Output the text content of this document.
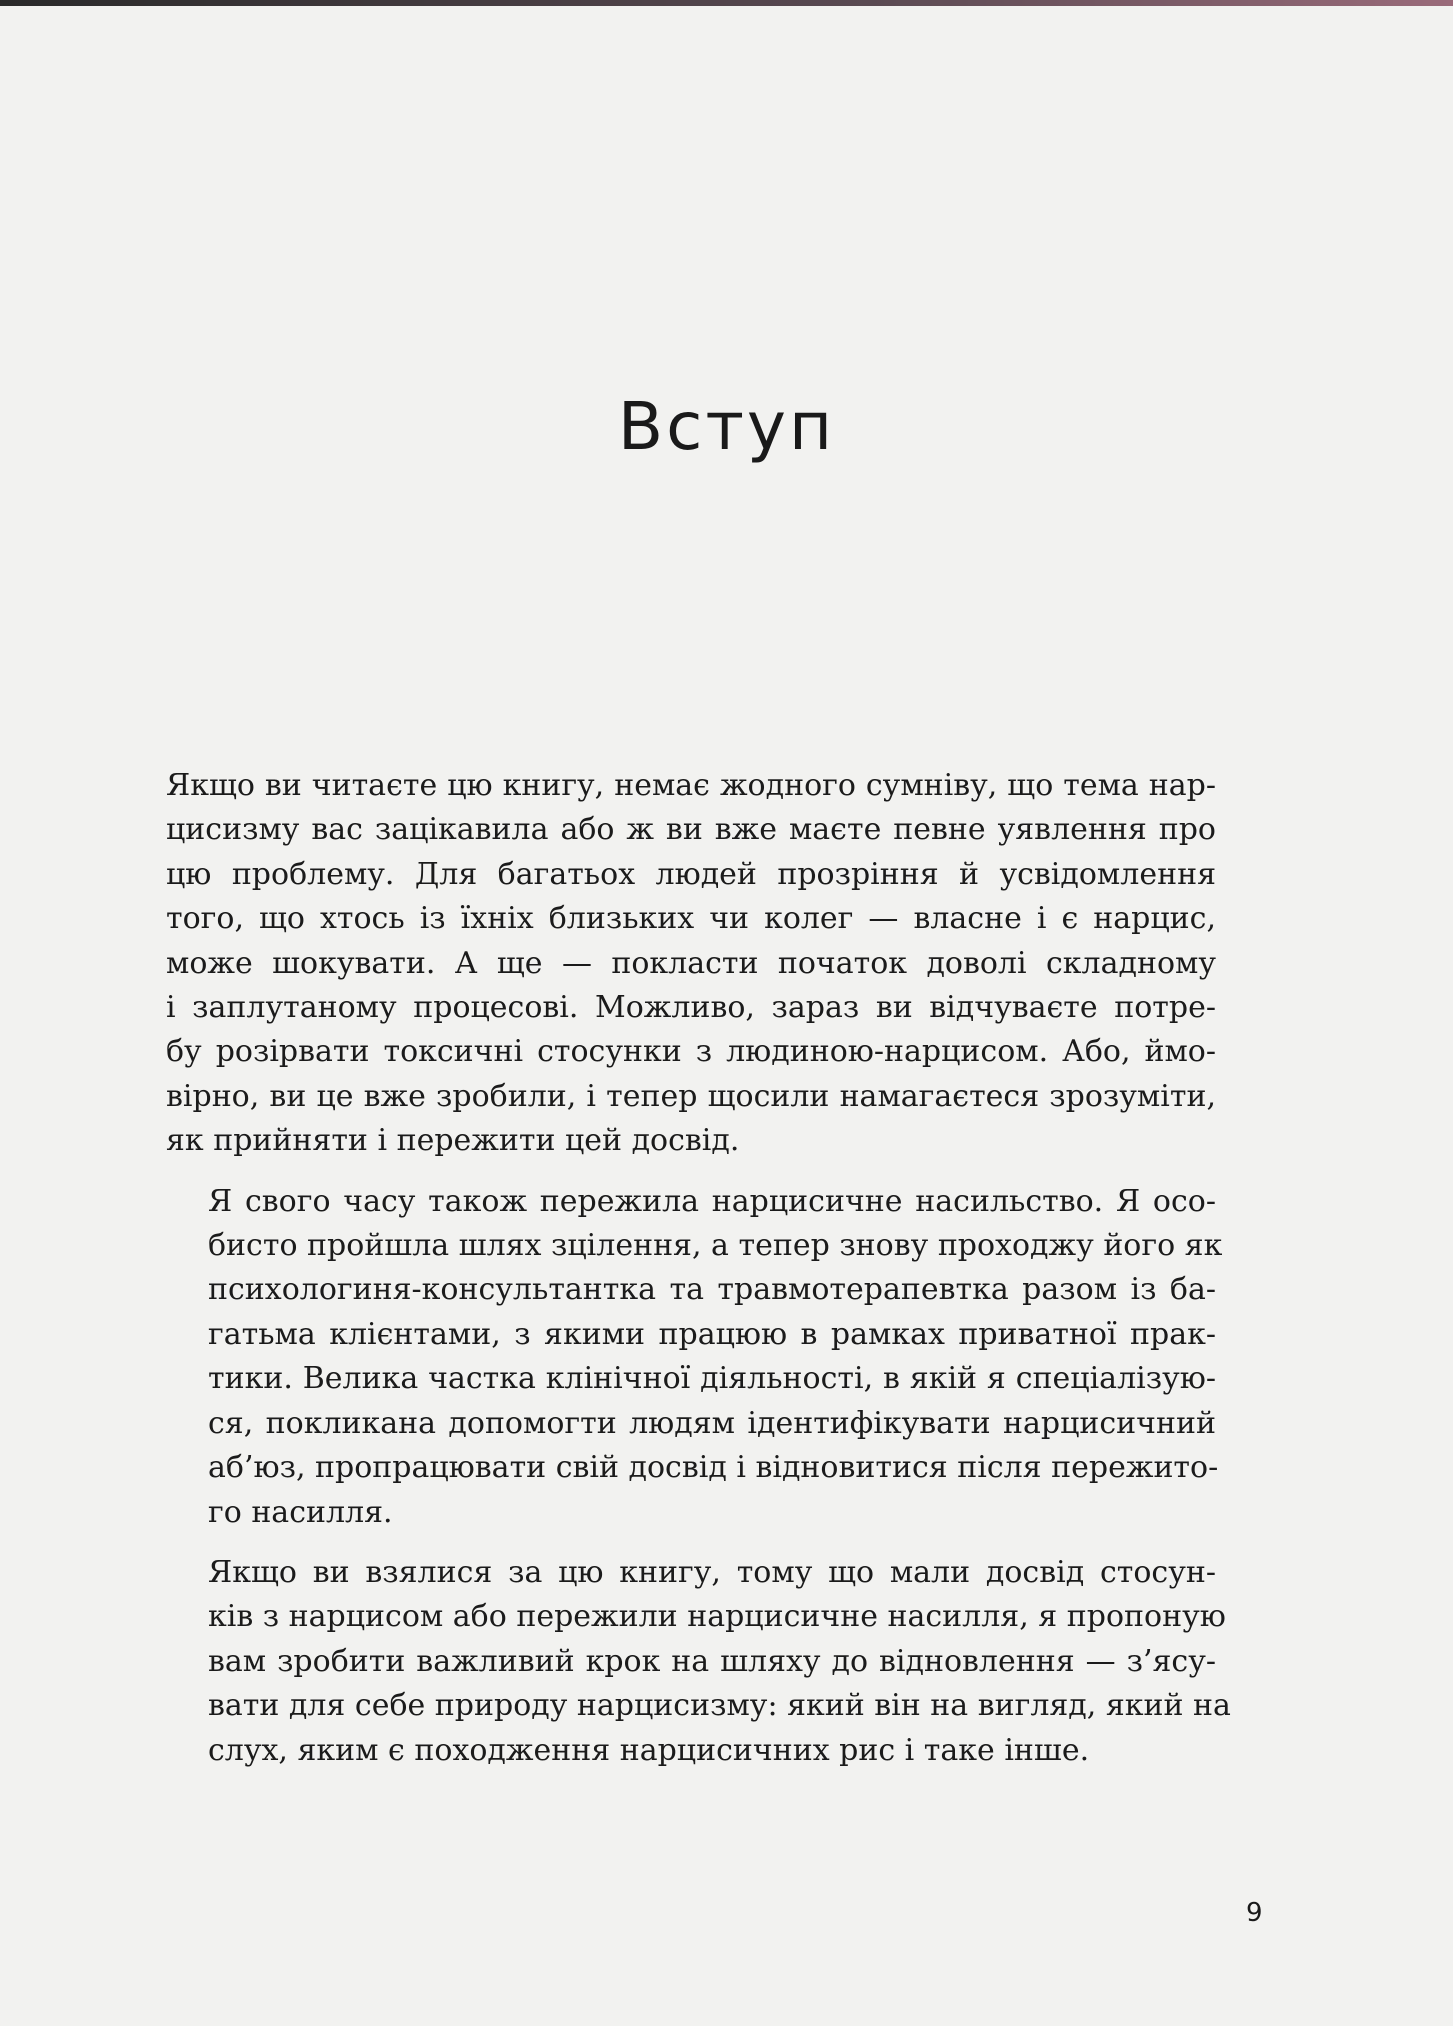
Вступ

Якщо ви читаєте цю книгу, немає жодного сумніву, що тема нар-
цисизму вас зацікавила або ж ви вже маєте певне уявлення про
цю проблему. Для багатьох людей прозріння й усвідомлення
того, що хтось із їхніх близьких чи колег — власне і є нарцис,
може шокувати. А ще — покласти початок доволі складному
і заплутаному процесові. Можливо, зараз ви відчуваєте потре-
бу розірвати токсичні стосунки з людиною-нарцисом. Або, ймо-
вірно, ви це вже зробили, і тепер щосили намагаєтеся зрозуміти,
як прийняти і пережити цей досвід.

Я свого часу також пережила нарцисичне насильство. Я осо-
бисто пройшла шлях зцілення, а тепер знову проходжу його як
психологиня-консультантка та травмотерапевтка разом із ба-
гатьма клієнтами, з якими працюю в рамках приватної прак-
тики. Велика частка клінічної діяльності, в якій я спеціалізую-
ся, покликана допомогти людям ідентифікувати нарцисичний
аб’юз, пропрацювати свій досвід і відновитися після пережито-
го насилля.

Якщо ви взялися за цю книгу, тому що мали досвід стосун-
ків з нарцисом або пережили нарцисичне насилля, я пропоную
вам зробити важливий крок на шляху до відновлення — з’ясу-
вати для себе природу нарцисизму: який він на вигляд, який на
слух, яким є походження нарцисичних рис і таке інше.

9
